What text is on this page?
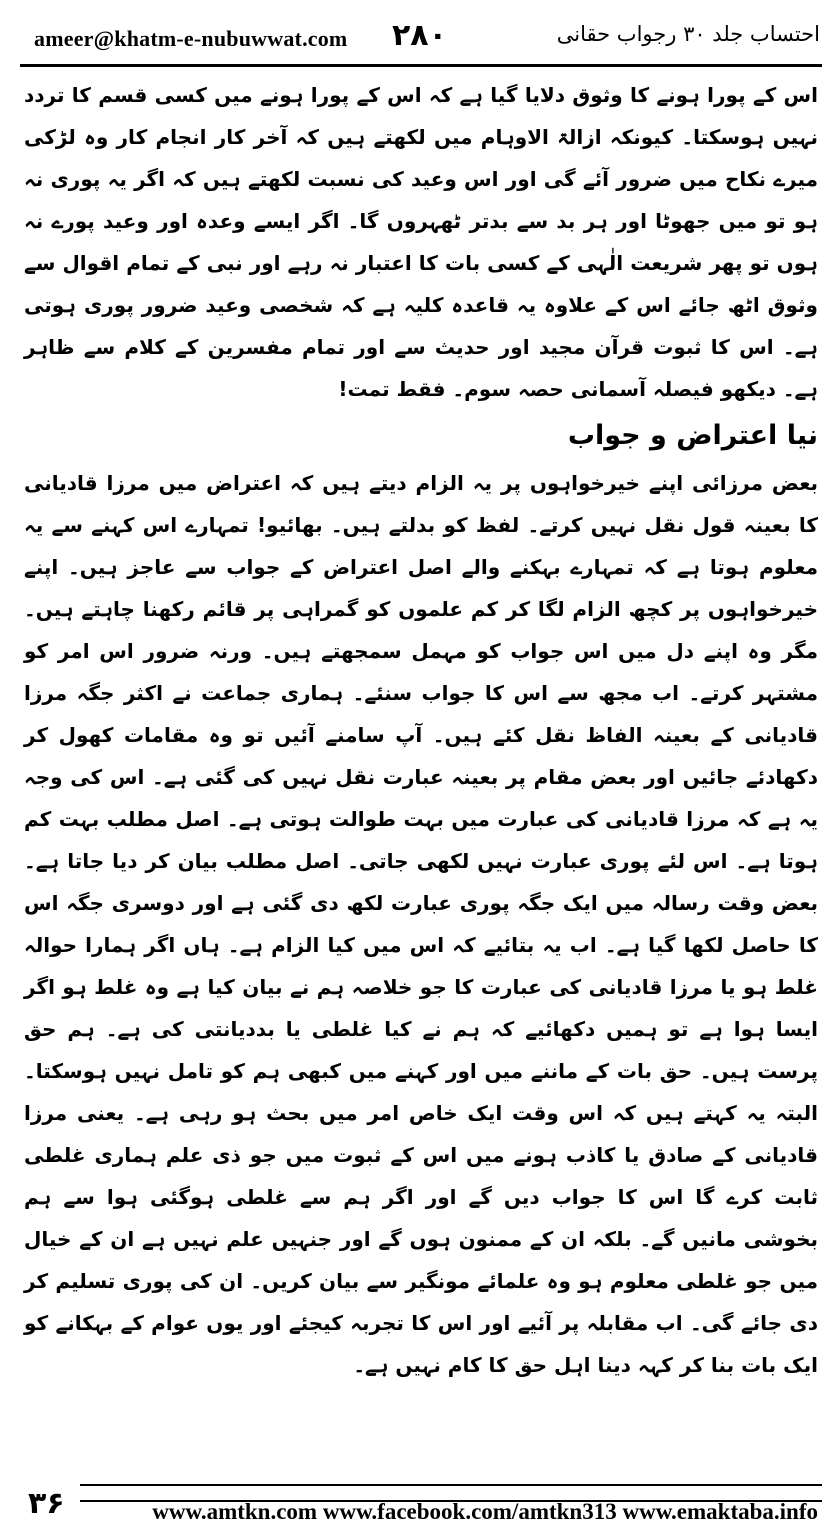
ameer@khatm-e-nubuwwat.com ۲۸۰	احتساب جلد ۳۰ رجواب حقانی

اس کے پورا ہونے کا وثوق دلایا گیا ہے کہ اس کے پورا ہونے میں کسی قسم کا تردد نہیں ہوسکتا۔ کیونکہ ازالۃ الاوہام میں لکھتے ہیں کہ آخر کار انجام کار وہ لڑکی میرے نکاح میں ضرور آئے گی اور اس وعید کی نسبت لکھتے ہیں کہ اگر یہ پوری نہ ہو تو میں جھوٹا اور ہر بد سے بدتر ٹھہروں گا۔ اگر ایسے وعدہ اور وعید پورے نہ ہوں تو پھر شریعت الٰہی کے کسی بات کا اعتبار نہ رہے اور نبی کے تمام اقوال سے وثوق اٹھ جائے اس کے علاوہ یہ قاعدہ کلیہ ہے کہ شخصی وعید ضرور پوری ہوتی ہے۔ اس کا ثبوت قرآن مجید اور حدیث سے اور تمام مفسرین کے کلام سے ظاہر ہے۔ دیکھو فیصلہ آسمانی حصہ سوم۔ فقط تمت!

نیا اعتراض و جواب

بعض مرزائی اپنے خیرخواہوں پر یہ الزام دیتے ہیں کہ اعتراض میں مرزا قادیانی کا بعینہ قول نقل نہیں کرتے۔ لفظ کو بدلتے ہیں۔ بھائیو! تمہارے اس کہنے سے یہ معلوم ہوتا ہے کہ تمہارے بہکنے والے اصل اعتراض کے جواب سے عاجز ہیں۔ اپنے خیرخواہوں پر کچھ الزام لگا کر کم علموں کو گمراہی پر قائم رکھنا چاہتے ہیں۔ مگر وہ اپنے دل میں اس جواب کو مہمل سمجھتے ہیں۔ ورنہ ضرور اس امر کو مشتہر کرتے۔ اب مجھ سے اس کا جواب سنئے۔ ہماری جماعت نے اکثر جگہ مرزا قادیانی کے بعینہ الفاظ نقل کئے ہیں۔ آپ سامنے آئیں تو وہ مقامات کھول کر دکھادئے جائیں اور بعض مقام پر بعینہ عبارت نقل نہیں کی گئی ہے۔ اس کی وجہ یہ ہے کہ مرزا قادیانی کی عبارت میں بہت طوالت ہوتی ہے۔ اصل مطلب بہت کم ہوتا ہے۔ اس لئے پوری عبارت نہیں لکھی جاتی۔ اصل مطلب بیان کر دیا جاتا ہے۔ بعض وقت رسالہ میں ایک جگہ پوری عبارت لکھ دی گئی ہے اور دوسری جگہ اس کا حاصل لکھا گیا ہے۔ اب یہ بتائیے کہ اس میں کیا الزام ہے۔ ہاں اگر ہمارا حوالہ غلط ہو یا مرزا قادیانی کی عبارت کا جو خلاصہ ہم نے بیان کیا ہے وہ غلط ہو اگر ایسا ہوا ہے تو ہمیں دکھائیے کہ ہم نے کیا غلطی یا بددیانتی کی ہے۔ ہم حق پرست ہیں۔ حق بات کے ماننے میں اور کہنے میں کبھی ہم کو تامل نہیں ہوسکتا۔ البتہ یہ کہتے ہیں کہ اس وقت ایک خاص امر میں بحث ہو رہی ہے۔ یعنی مرزا قادیانی کے صادق یا کاذب ہونے میں اس کے ثبوت میں جو ذی علم ہماری غلطی ثابت کرے گا اس کا جواب دیں گے اور اگر ہم سے غلطی ہوگئی ہوا سے ہم بخوشی مانیں گے۔ بلکہ ان کے ممنون ہوں گے اور جنہیں علم نہیں ہے ان کے خیال میں جو غلطی معلوم ہو وہ علمائے مونگیر سے بیان کریں۔ ان کی پوری تسلیم کر دی جائے گی۔ اب مقابلہ پر آئیے اور اس کا تجربہ کیجئے اور یوں عوام کے بہکانے کو ایک بات بنا کر کہہ دینا اہل حق کا کام نہیں ہے۔

۳۶	www.amtkn.com www.facebook.com/amtkn313 www.emaktaba.info
